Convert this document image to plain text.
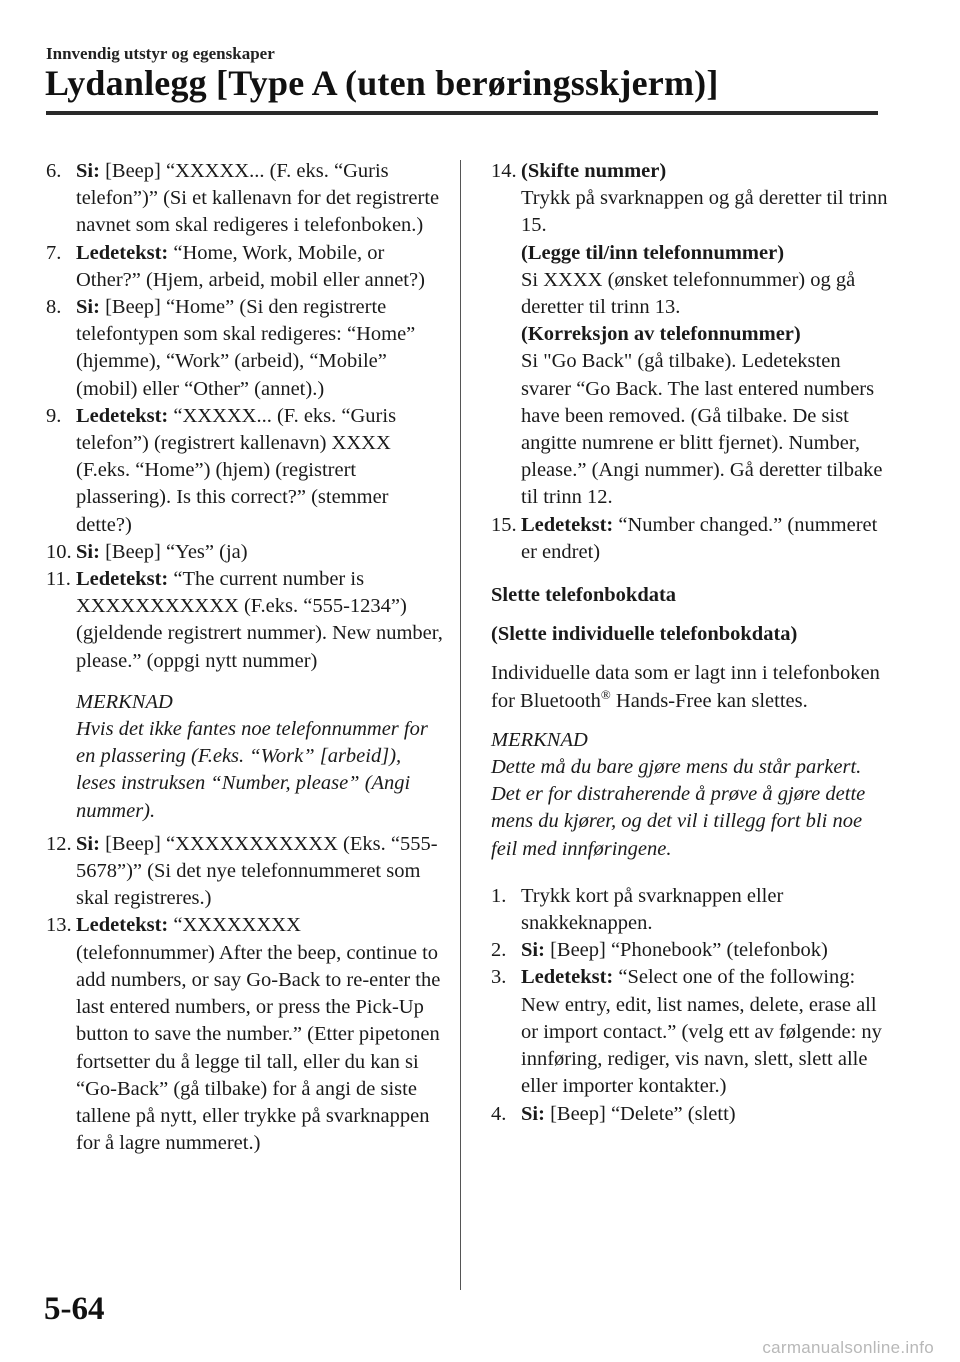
Innvendig utstyr og egenskaper
Lydanlegg [Type A (uten berøringsskjerm)]
6. Si: [Beep] “XXXXX... (F. eks. “Guris telefon”)” (Si et kallenavn for det registrerte navnet som skal redigeres i telefonboken.)
7. Ledetekst: “Home, Work, Mobile, or Other?” (Hjem, arbeid, mobil eller annet?)
8. Si: [Beep] “Home” (Si den registrerte telefontypen som skal redigeres: “Home” (hjemme), “Work” (arbeid), “Mobile” (mobil) eller “Other” (annet).)
9. Ledetekst: “XXXXX... (F. eks. “Guris telefon”) (registrert kallenavn) XXXX (F.eks. “Home”) (hjem) (registrert plassering). Is this correct?” (stemmer dette?)
10. Si: [Beep] “Yes” (ja)
11. Ledetekst: “The current number is XXXXXXXXXXX (F.eks. “555-1234”) (gjeldende registrert nummer). New number, please.” (oppgi nytt nummer)
MERKNAD
Hvis det ikke fantes noe telefonnummer for en plassering (F.eks. “Work” [arbeid]), leses instruksen “Number, please” (Angi nummer).
12. Si: [Beep] “XXXXXXXXXXX (Eks. “555-5678”)” (Si det nye telefonnummeret som skal registreres.)
13. Ledetekst: “XXXXXXXX (telefonnummer) After the beep, continue to add numbers, or say Go-Back to re-enter the last entered numbers, or press the Pick-Up button to save the number.” (Etter pipetonen fortsetter du å legge til tall, eller du kan si “Go-Back” (gå tilbake) for å angi de siste tallene på nytt, eller trykke på svarknappen for å lagre nummeret.)
14. (Skifte nummer)
Trykk på svarknappen og gå deretter til trinn 15.
(Legge til/inn telefonnummer)
Si XXXX (ønsket telefonnummer) og gå deretter til trinn 13.
(Korreksjon av telefonnummer)
Si "Go Back" (gå tilbake). Ledeteksten svarer “Go Back. The last entered numbers have been removed. (Gå tilbake. De sist angitte numrene er blitt fjernet). Number, please.” (Angi nummer). Gå deretter tilbake til trinn 12.
15. Ledetekst: “Number changed.” (nummeret er endret)
Slette telefonbokdata
(Slette individuelle telefonbokdata)
Individuelle data som er lagt inn i telefonboken for Bluetooth® Hands-Free kan slettes.
MERKNAD
Dette må du bare gjøre mens du står parkert. Det er for distraherende å prøve å gjøre dette mens du kjører, og det vil i tillegg fort bli noe feil med innføringene.
1. Trykk kort på svarknappen eller snakkeknappen.
2. Si: [Beep] “Phonebook” (telefonbok)
3. Ledetekst: “Select one of the following: New entry, edit, list names, delete, erase all or import contact.” (velg ett av følgende: ny innføring, rediger, vis navn, slett, slett alle eller importer kontakter.)
4. Si: [Beep] “Delete” (slett)
5-64
carmanualsonline.info
